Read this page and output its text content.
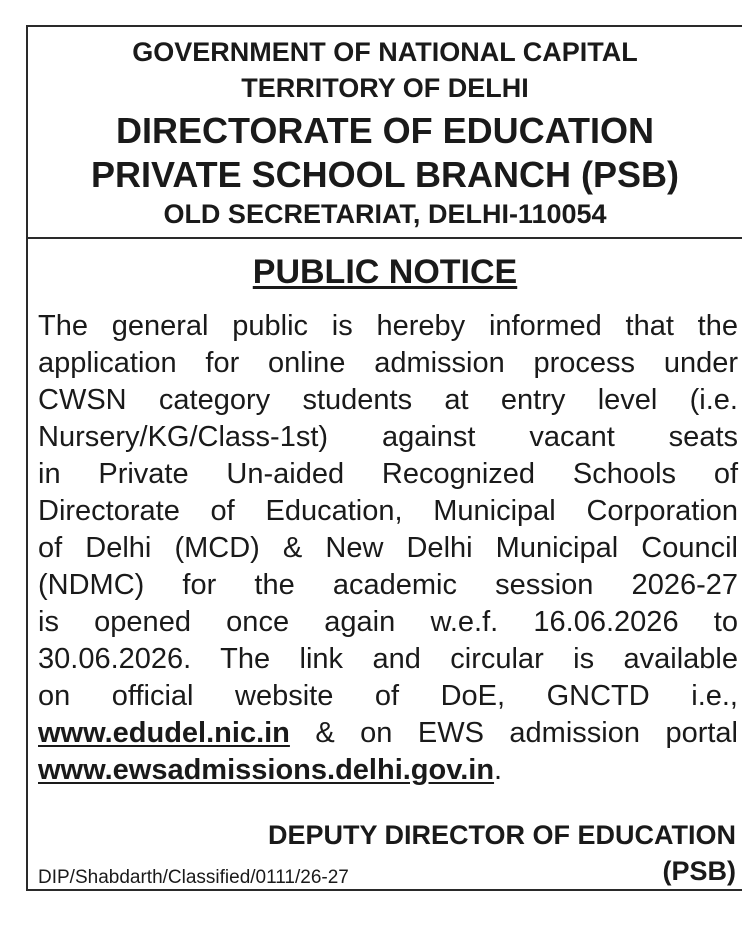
GOVERNMENT OF NATIONAL CAPITAL
TERRITORY OF DELHI
DIRECTORATE OF EDUCATION
PRIVATE SCHOOL BRANCH (PSB)
OLD SECRETARIAT, DELHI-110054
PUBLIC NOTICE
The general public is hereby informed that the
application for online admission process under
CWSN category students at entry level (i.e.
Nursery/KG/Class-1st) against vacant seats
in Private Un-aided Recognized Schools of
Directorate of Education, Municipal Corporation
of Delhi (MCD) & New Delhi Municipal Council
(NDMC) for the academic session 2026-27
is opened once again w.e.f. 16.06.2026 to
30.06.2026. The link and circular is available
on official website of DoE, GNCTD i.e.,
www.edudel.nic.in & on EWS admission portal
www.ewsadmissions.delhi.gov.in.
DEPUTY DIRECTOR OF EDUCATION
DIP/Shabdarth/Classified/0111/26-27	(PSB)
